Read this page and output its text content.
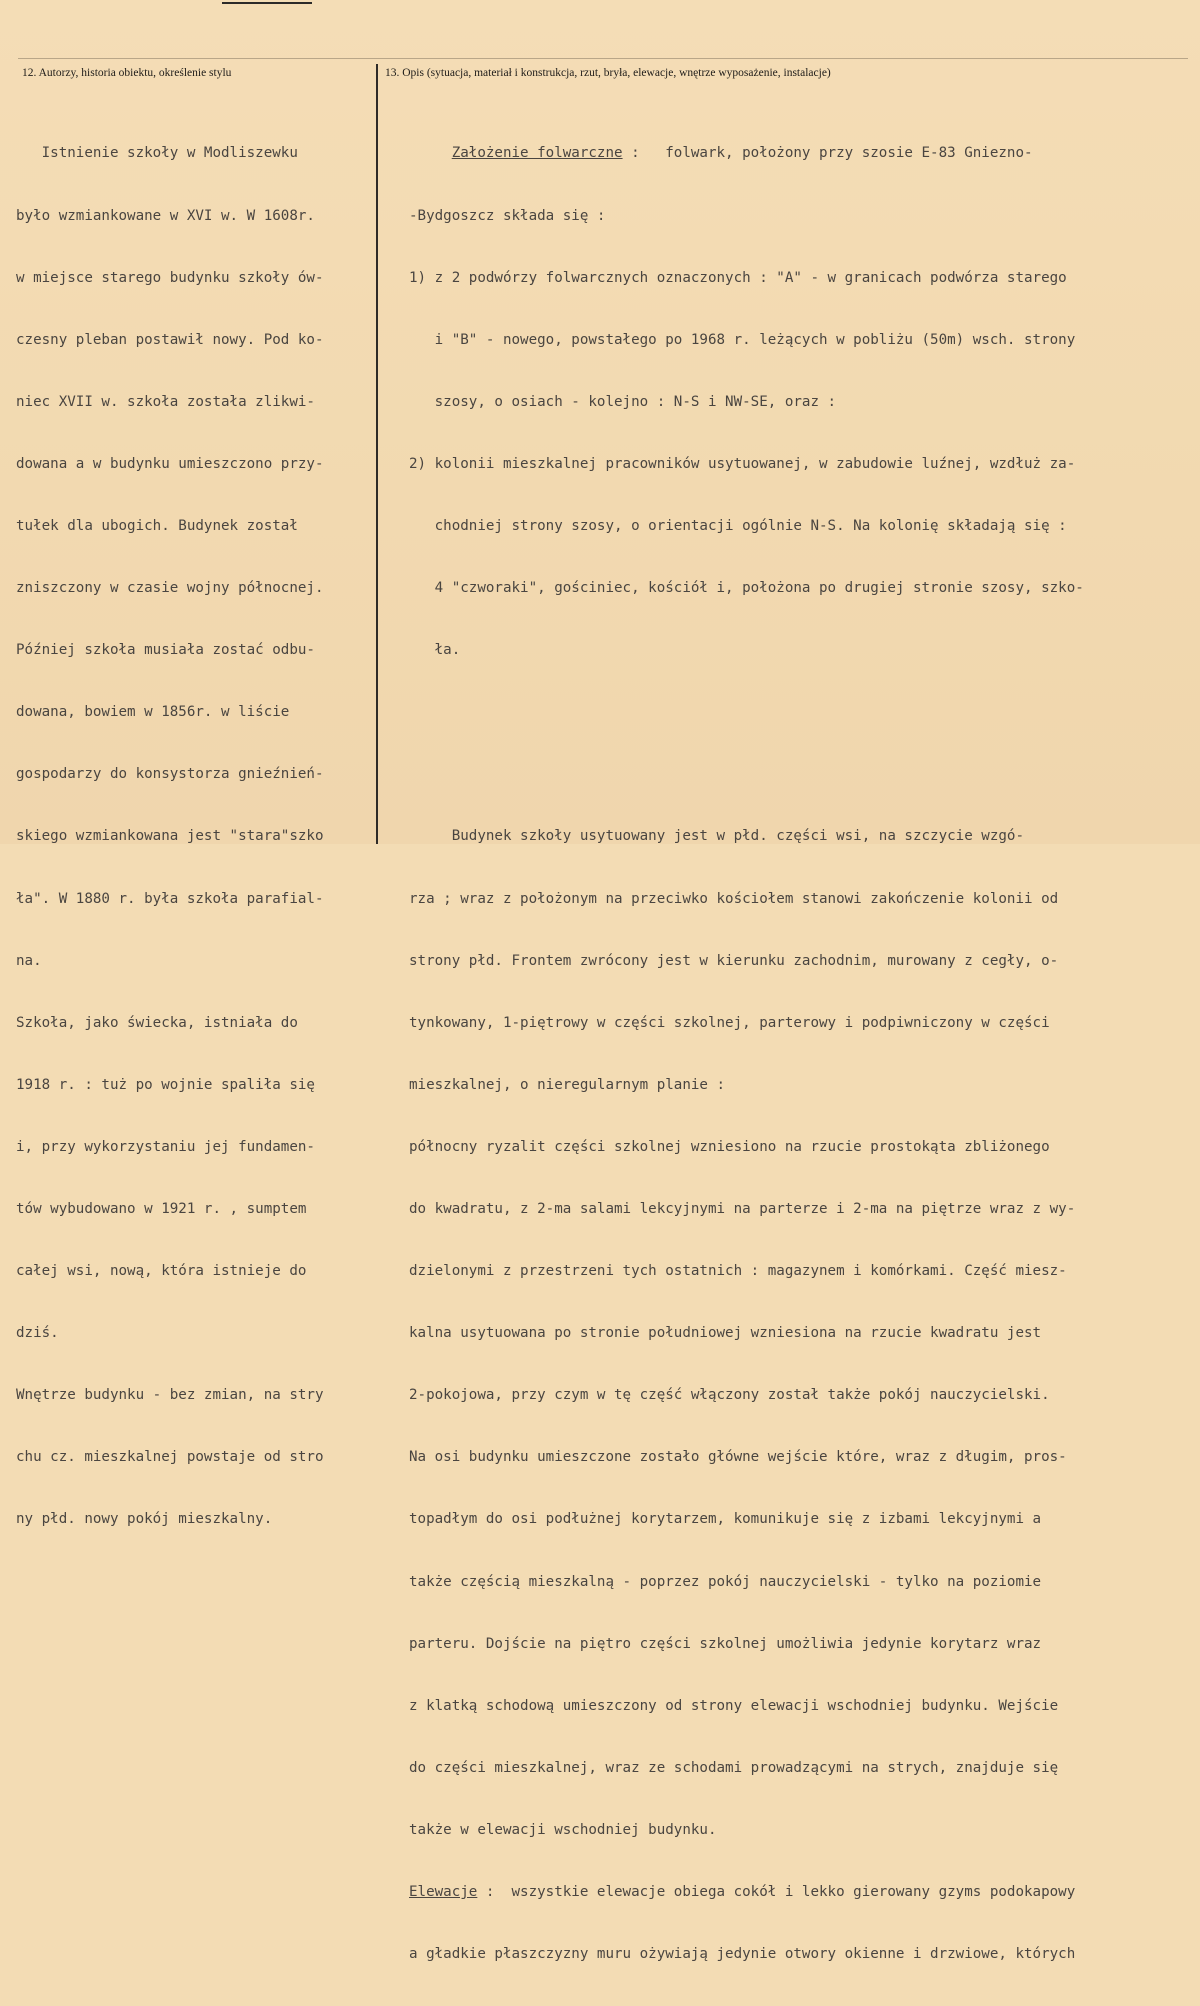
12. Autorzy, historia obiektu, określenie stylu	13. Opis (sytuacja, materiał i konstrukcja, rzut, bryła, elewacje, wnętrze wyposażenie, instalacje)

Istnienie szkoły w Modliszewku

było wzmiankowane w XVI w. W 1608r.

w miejsce starego budynku szkoły ów-

czesny pleban postawił nowy. Pod ko-

niec XVII w. szkoła została zlikwi-

dowana a w budynku umieszczono przy-

tułek dla ubogich. Budynek został

zniszczony w czasie wojny północnej.

Później szkoła musiała zostać odbu-

dowana, bowiem w 1856r. w liście

gospodarzy do konsystorza gnieźnień-

skiego wzmiankowana jest "stara"szko

ła". W 1880 r. była szkoła parafial-

na.

Szkoła, jako świecka, istniała do

1918 r. : tuż po wojnie spaliła się

i, przy wykorzystaniu jej fundamen-

tów wybudowano w 1921 r. , sumptem

całej wsi, nową, która istnieje do

dziś.

Wnętrze budynku - bez zmian, na stry

chu cz. mieszkalnej powstaje od stro

ny płd. nowy pokój mieszkalny.

Założenie folwarczne :   folwark, położony przy szosie E-83 Gniezno-

-Bydgoszcz składa się :

1) z 2 podwórzy folwarcznych oznaczonych : "A" - w granicach podwórza starego

i "B" - nowego, powstałego po 1968 r. leżących w pobliżu (50m) wsch. strony

szosy, o osiach - kolejno : N-S i NW-SE, oraz :

2) kolonii mieszkalnej pracowników usytuowanej, w zabudowie luźnej, wzdłuż za-

chodniej strony szosy, o orientacji ogólnie N-S. Na kolonię składają się :

4 "czworaki", gościniec, kościół i, położona po drugiej stronie szosy, szko-

ła.

Budynek szkoły usytuowany jest w płd. części wsi, na szczycie wzgó-

rza ; wraz z położonym na przeciwko kościołem stanowi zakończenie kolonii od

strony płd. Frontem zwrócony jest w kierunku zachodnim, murowany z cegły, o-

tynkowany, 1-piętrowy w części szkolnej, parterowy i podpiwniczony w części

mieszkalnej, o nieregularnym planie :

północny ryzalit części szkolnej wzniesiono na rzucie prostokąta zbliżonego

do kwadratu, z 2-ma salami lekcyjnymi na parterze i 2-ma na piętrze wraz z wy-

dzielonymi z przestrzeni tych ostatnich : magazynem i komórkami. Część miesz-

kalna usytuowana po stronie południowej wzniesiona na rzucie kwadratu jest

2-pokojowa, przy czym w tę część włączony został także pokój nauczycielski.

Na osi budynku umieszczone zostało główne wejście które, wraz z długim, pros-

topadłym do osi podłużnej korytarzem, komunikuje się z izbami lekcyjnymi a

także częścią mieszkalną - poprzez pokój nauczycielski - tylko na poziomie

parteru. Dojście na piętro części szkolnej umożliwia jedynie korytarz wraz

z klatką schodową umieszczony od strony elewacji wschodniej budynku. Wejście

do części mieszkalnej, wraz ze schodami prowadzącymi na strych, znajduje się

także w elewacji wschodniej budynku.

Elewacje :  wszystkie elewacje obiega cokół i lekko gierowany gzyms podokapowy

a gładkie płaszczyzny muru ożywiają jedynie otwory okienne i drzwiowe, których
